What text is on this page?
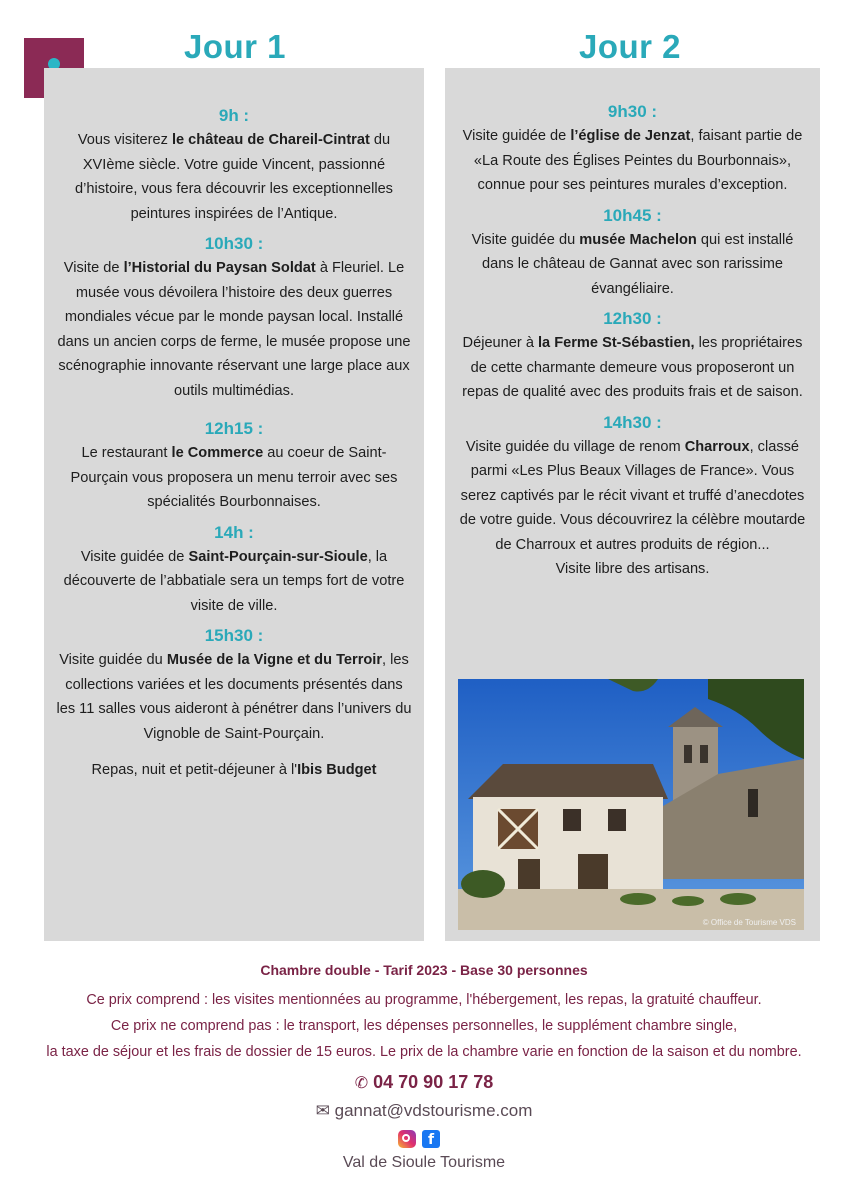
Jour 1	Jour 2

9h :

Vous visiterez le château de Chareil-Cintrat du XVIème siècle. Votre guide Vincent, passionné d’histoire, vous fera découvrir les exceptionnelles peintures inspirées de l’Antique.

10h30 :

Visite de l’Historial du Paysan Soldat à Fleuriel. Le musée vous dévoilera l’histoire des deux guerres mondiales vécue par le monde paysan local. Installé dans un ancien corps de ferme, le musée propose une scénographie innovante réservant une large place aux outils multimédias.

12h15 :

Le restaurant le Commerce au coeur de Saint-Pourçain vous proposera un menu terroir avec ses spécialités Bourbonnaises.

14h :

Visite guidée de Saint-Pourçain-sur-Sioule, la découverte de l’abbatiale sera un temps fort de votre visite de ville.

15h30 :

Visite guidée du Musée de la Vigne et du Terroir, les collections variées et les documents présentés dans les 11 salles vous aideront à pénétrer dans l’univers du Vignoble de Saint-Pourçain.

Repas, nuit et petit-déjeuner à l'Ibis Budget

9h30 :

Visite guidée de l’église de Jenzat, faisant partie de «La Route des Églises Peintes du Bourbonnais», connue pour ses peintures murales d’exception.

10h45 :

Visite guidée du musée Machelon qui est installé dans le château de Gannat avec son rarissime évangéliaire.

12h30 :

Déjeuner à la Ferme St-Sébastien, les propriétaires de cette charmante demeure vous proposeront un repas de qualité avec des produits frais et de saison.

14h30 :

Visite guidée du village de renom Charroux, classé parmi «Les Plus Beaux Villages de France». Vous serez captivés par le récit vivant et truffé d’anecdotes de votre guide. Vous découvrirez la célèbre moutarde de Charroux et autres produits de région...

Visite libre des artisans.

© Office de Tourisme VDS
Chambre double - Tarif 2023 - Base 30 personnes
Ce prix comprend : les visites mentionnées au programme, l'hébergement, les repas, la gratuité chauffeur.
Ce prix ne comprend pas : le transport, les dépenses personnelles, le supplément chambre single,
la taxe de séjour et les frais de dossier de 15 euros. Le prix de la chambre varie en fonction de la saison et du nombre.
✆ 04 70 90 17 78
✉ gannat@vdstourisme.com
f
Val de Sioule Tourisme
